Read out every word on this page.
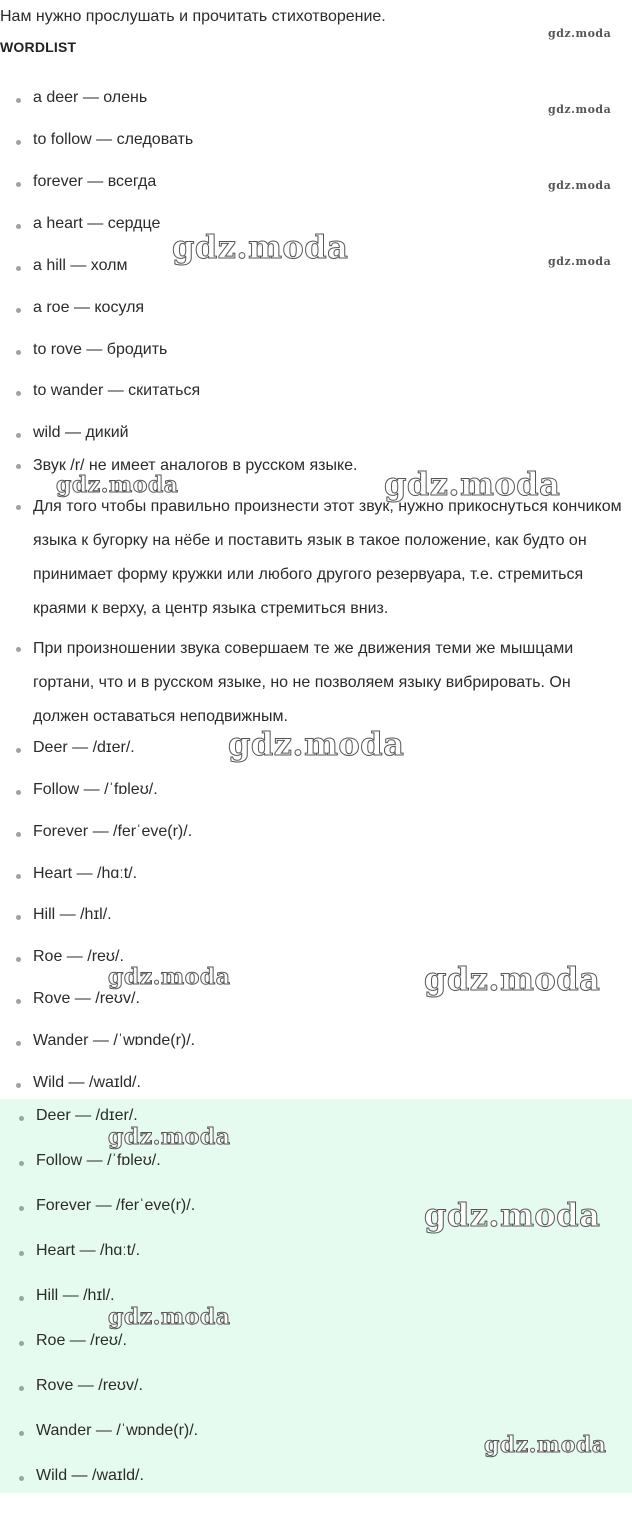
Нам нужно прослушать и прочитать стихотворение.
WORDLIST
a deer — олень
to follow — следовать
forever — всегда
a heart — сердце
a hill — холм
a roe — косуля
to rove — бродить
to wander — скитаться
wild — дикий
Звук /r/ не имеет аналогов в русском языке.
Для того чтобы правильно произнести этот звук, нужно прикоснуться кончиком языка к бугорку на нёбе и поставить язык в такое положение, как будто он принимает форму кружки или любого другого резервуара, т.е. стремиться краями к верху, а центр языка стремиться вниз.
При произношении звука совершаем те же движения теми же мышцами гортани, что и в русском языке, но не позволяем языку вибрировать. Он должен оставаться неподвижным.
Deer — /dɪer/.
Follow — /ˈfɒleʊ/.
Forever — /ferˈeve(r)/.
Heart — /hɑːt/.
Hill — /hɪl/.
Roe — /reʊ/.
Rove — /reʊv/.
Wander — /ˈwɒnde(r)/.
Wild — /waɪld/.
Deer — /dɪer/.
Follow — /ˈfɒleʊ/.
Forever — /ferˈeve(r)/.
Heart — /hɑːt/.
Hill — /hɪl/.
Roe — /reʊ/.
Rove — /reʊv/.
Wander — /ˈwɒnde(r)/.
Wild — /waɪld/.
gdz.moda
gdz.moda
gdz.moda
gdz.moda
gdz.moda
gdz.moda	gdz.moda
gdz.moda
gdz.moda	gdz.moda
gdz.moda
gdz.moda
gdz.moda
gdz.moda
